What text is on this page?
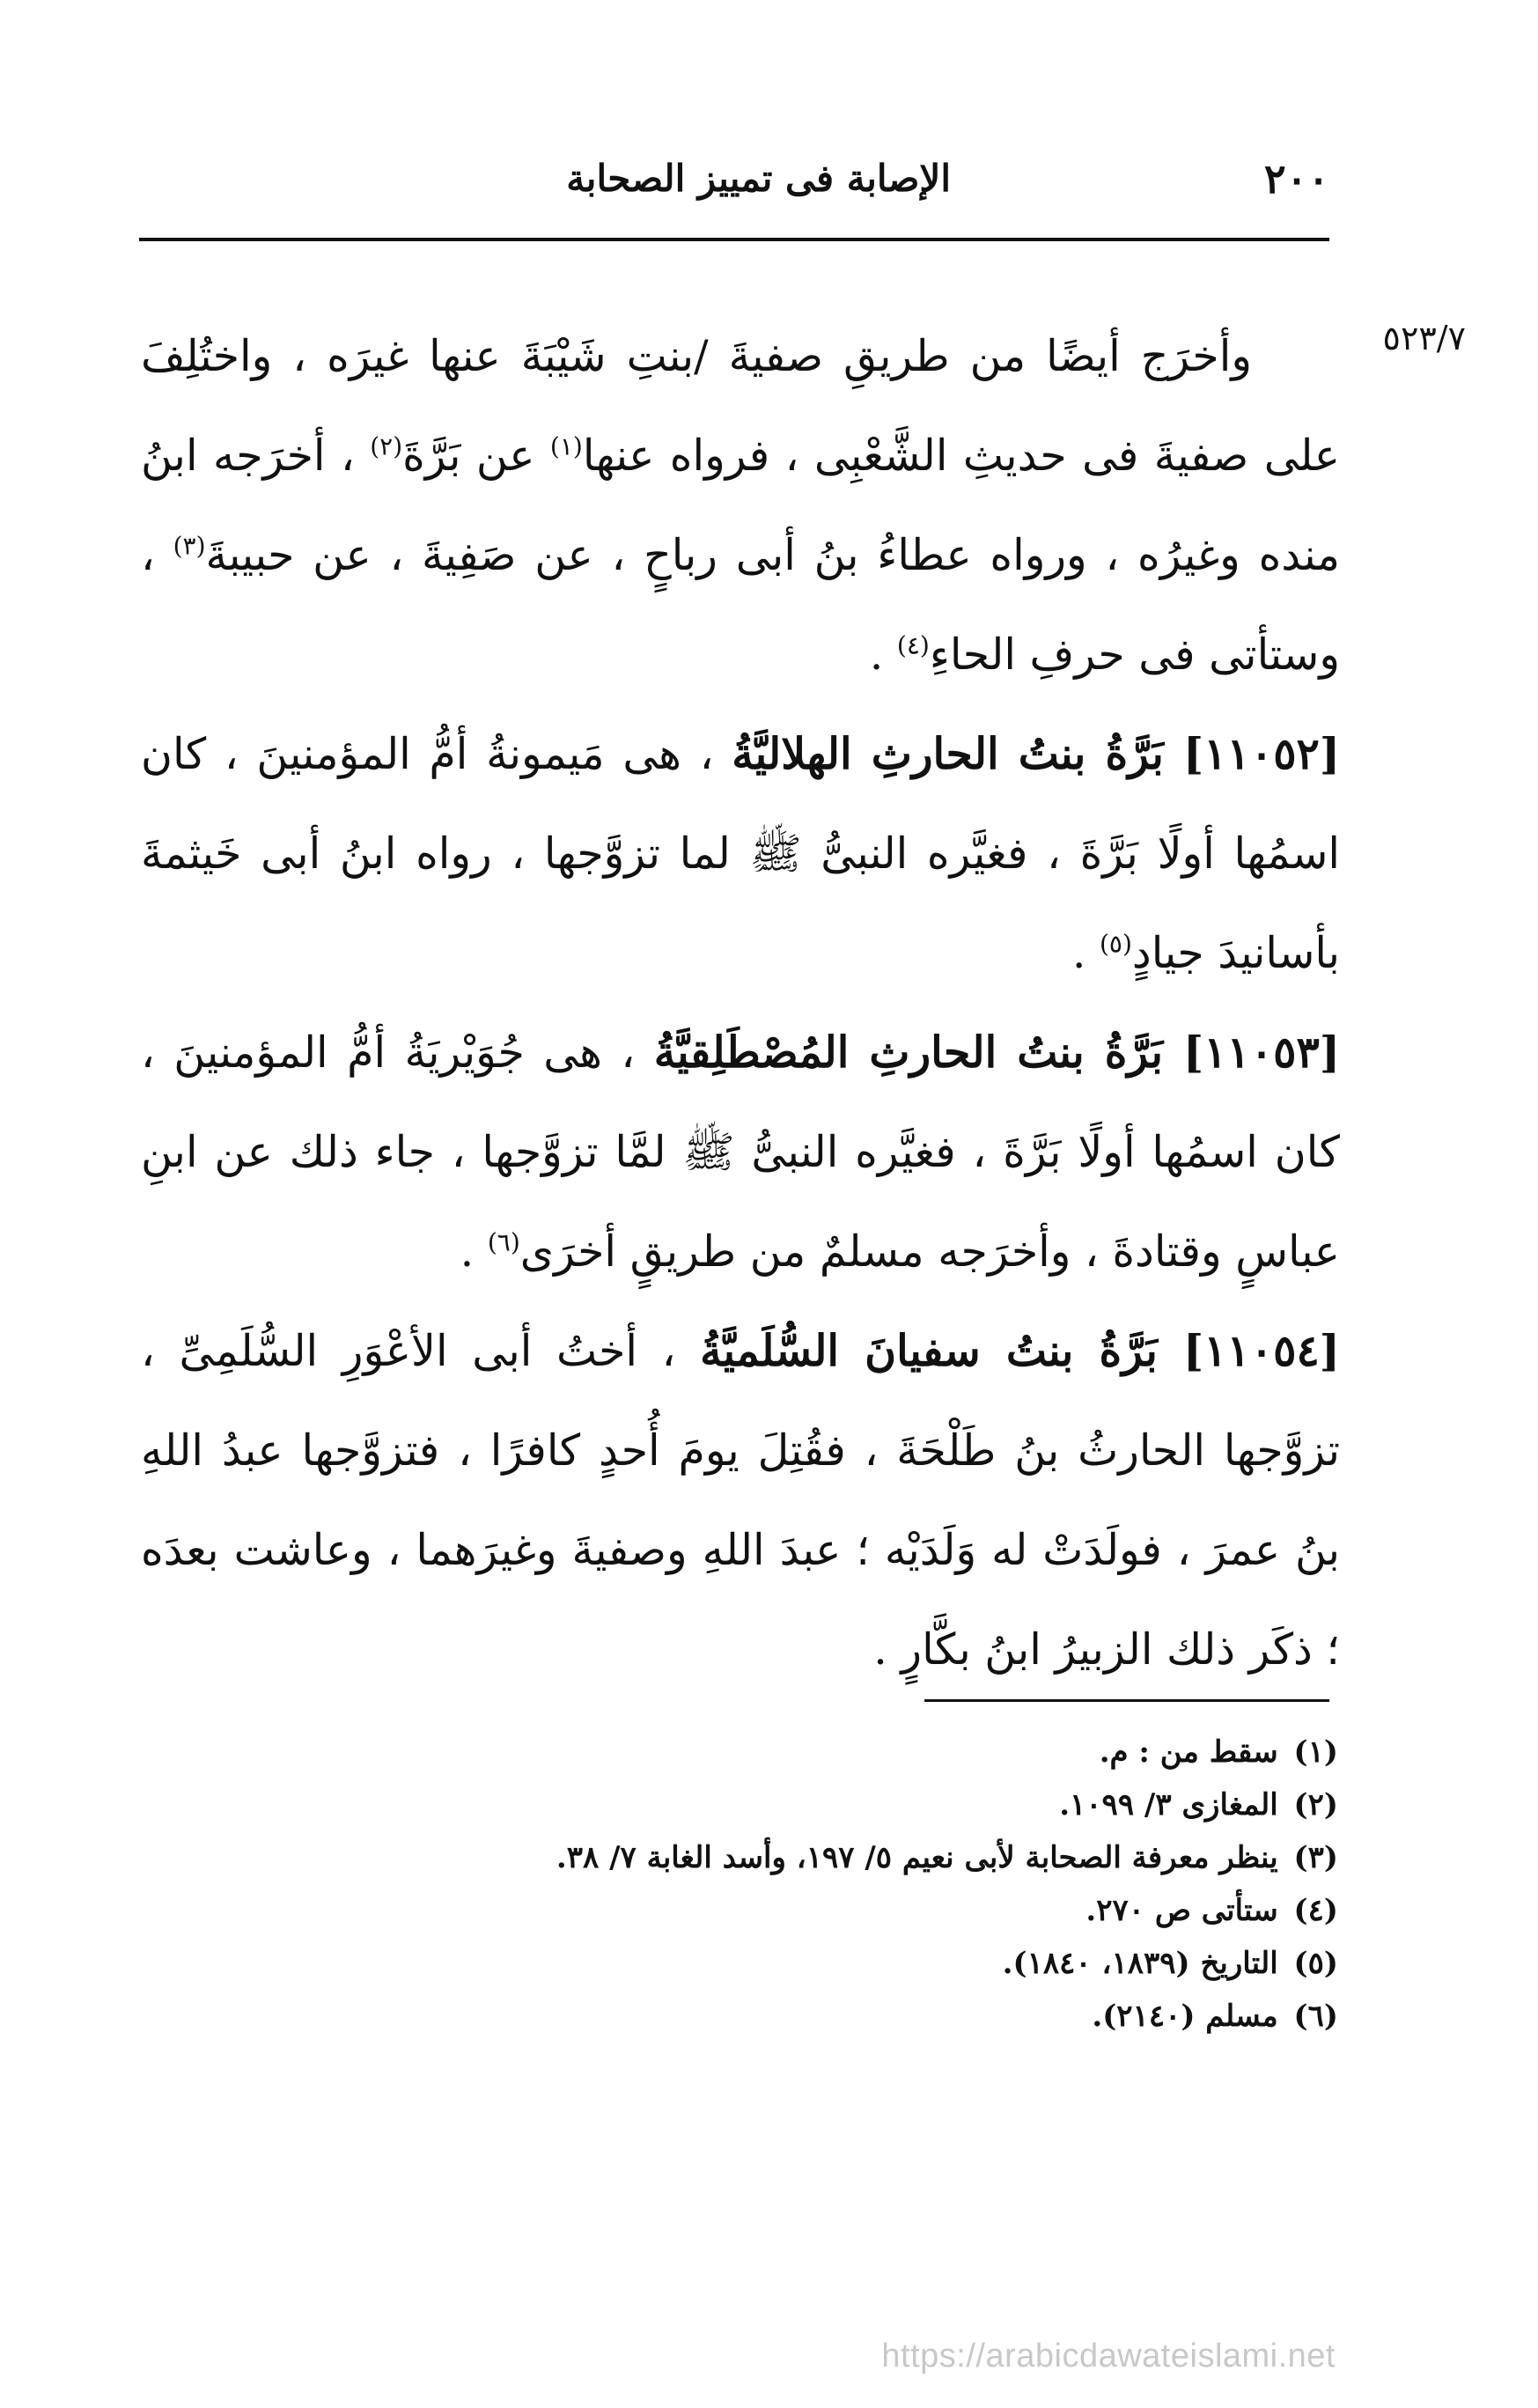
٢٠٠
الإصابة فى تمييز الصحابة
٥٢٣/٧

وأخرَج أيضًا من طريقِ صفيةَ /بنتِ شَيْبَةَ عنها غيرَه ، واختُلِفَ على صفيةَ فى حديثِ الشَّعْبِى ، فرواه عنها$^{(١)}$ عن بَرَّةَ$^{(٢)}$ ، أخرَجه ابنُ منده وغيرُه ، ورواه عطاءُ بنُ أبى رباحٍ ، عن صَفِيةَ ، عن حبيبةَ$^{(٣)}$ ، وستأتى فى حرفِ الحاءِ$^{(٤)}$ .

[١١٠٥٢] بَرَّةُ بنتُ الحارثِ الهلاليَّةُ ، هى مَيمونةُ أمُّ المؤمنينَ ، كان اسمُها أولًا بَرَّةَ ، فغيَّره النبىُّ ﷺ لما تزوَّجها ، رواه ابنُ أبى خَيثمةَ بأسانيدَ جيادٍ$^{(٥)}$ .

[١١٠٥٣] بَرَّةُ بنتُ الحارثِ المُصْطَلِقيَّةُ ، هى جُوَيْريَةُ أمُّ المؤمنينَ ، كان اسمُها أولًا بَرَّةَ ، فغيَّره النبىُّ ﷺ لمَّا تزوَّجها ، جاء ذلك عن ابنِ عباسٍ وقتادةَ ، وأخرَجه مسلمٌ من طريقٍ أخرَى$^{(٦)}$ .

[١١٠٥٤] بَرَّةُ بنتُ سفيانَ السُّلَميَّةُ ، أختُ أبى الأعْوَرِ السُّلَمِىِّ ، تزوَّجها الحارثُ بنُ طَلْحَةَ ، فقُتِلَ يومَ أُحدٍ كافرًا ، فتزوَّجها عبدُ اللهِ بنُ عمرَ ، فولَدَتْ له وَلَدَيْه ؛ عبدَ اللهِ وصفيةَ وغيرَهما ، وعاشت بعدَه ؛ ذكَر ذلك الزبيرُ ابنُ بكَّارٍ .

(١) سقط من : م.
(٢) المغازى ٣/ ١٠٩٩.
(٣) ينظر معرفة الصحابة لأبى نعيم ٥/ ١٩٧، وأسد الغابة ٧/ ٣٨.
(٤) ستأتى ص ٢٧٠.
(٥) التاريخ (١٨٣٩، ١٨٤٠).
(٦) مسلم (٢١٤٠).
https://arabicdawateislami.net
